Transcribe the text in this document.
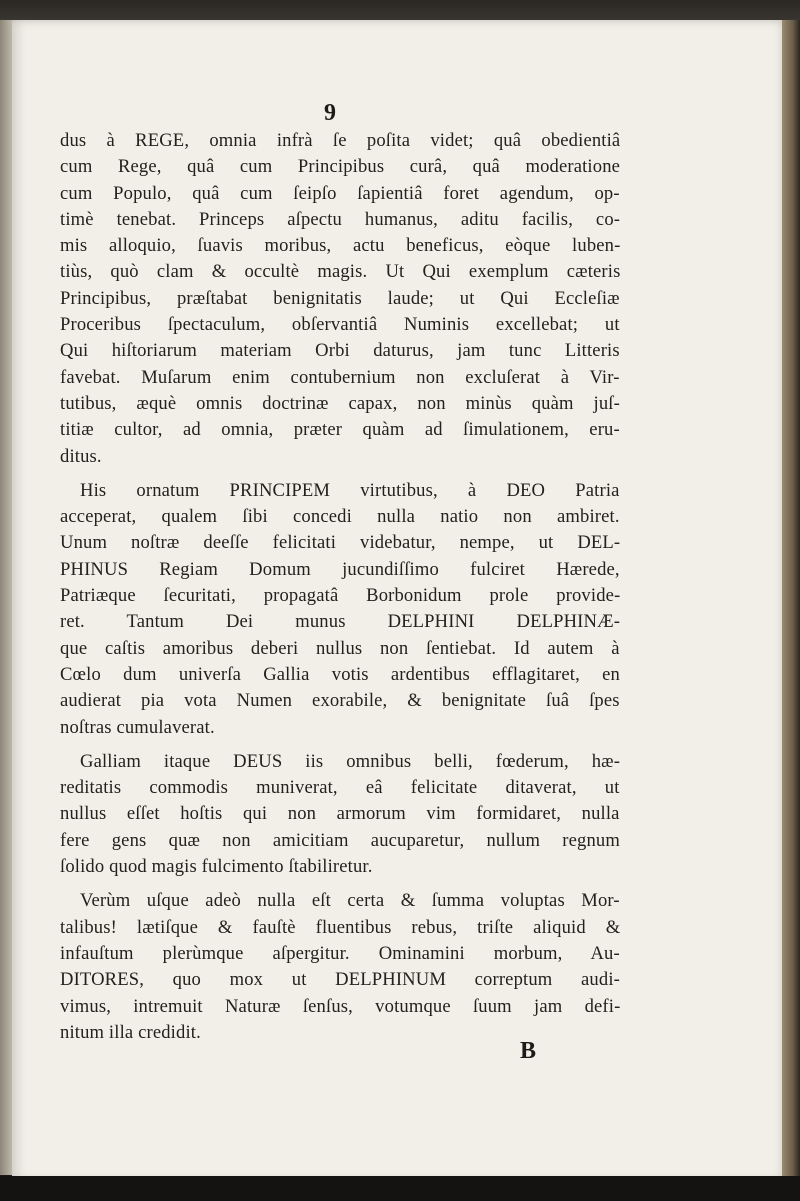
9
dus à REGE, omnia infrà ſe poſita videt; quâ obedientiâ
cum Rege, quâ cum Principibus curâ, quâ moderatione
cum Populo, quâ cum ſeipſo ſapientiâ foret agendum, op-
timè tenebat. Princeps aſpectu humanus, aditu facilis, co-
mis alloquio, ſuavis moribus, actu beneficus, eòque luben-
tiùs, quò clam & occultè magis. Ut Qui exemplum cæteris
Principibus, præſtabat benignitatis laude; ut Qui Eccleſiæ
Proceribus ſpectaculum, obſervantiâ Numinis excellebat; ut
Qui hiſtoriarum materiam Orbi daturus, jam tunc Litteris
favebat. Muſarum enim contubernium non excluſerat à Vir-
tutibus, æquè omnis doctrinæ capax, non minùs quàm juſ-
titiæ cultor, ad omnia, præter quàm ad ſimulationem, eru-
ditus.
His ornatum PRINCIPEM virtutibus, à DEO Patria
acceperat, qualem ſibi concedi nulla natio non ambiret.
Unum noſtræ deeſſe felicitati videbatur, nempe, ut DEL-
PHINUS Regiam Domum jucundiſſimo fulciret Hærede,
Patriæque ſecuritati, propagatâ Borbonidum prole provide-
ret. Tantum Dei munus DELPHINI DELPHINÆ-
que caſtis amoribus deberi nullus non ſentiebat. Id autem à
Cœlo dum univerſa Gallia votis ardentibus efflagitaret, en
audierat pia vota Numen exorabile, & benignitate ſuâ ſpes
noſtras cumulaverat.
Galliam itaque DEUS iis omnibus belli, fœderum, hæ-
reditatis commodis muniverat, eâ felicitate ditaverat, ut
nullus eſſet hoſtis qui non armorum vim formidaret, nulla
fere gens quæ non amicitiam aucuparetur, nullum regnum
ſolido quod magis fulcimento ſtabiliretur.
Verùm uſque adeò nulla eſt certa & ſumma voluptas Mor-
talibus! lætiſque & fauſtè fluentibus rebus, triſte aliquid &
infauſtum plerùmque aſpergitur. Ominamini morbum, Au-
DITORES, quo mox ut DELPHINUM correptum audi-
vimus, intremuit Naturæ ſenſus, votumque ſuum jam defi-
nitum illa credidit.
B
